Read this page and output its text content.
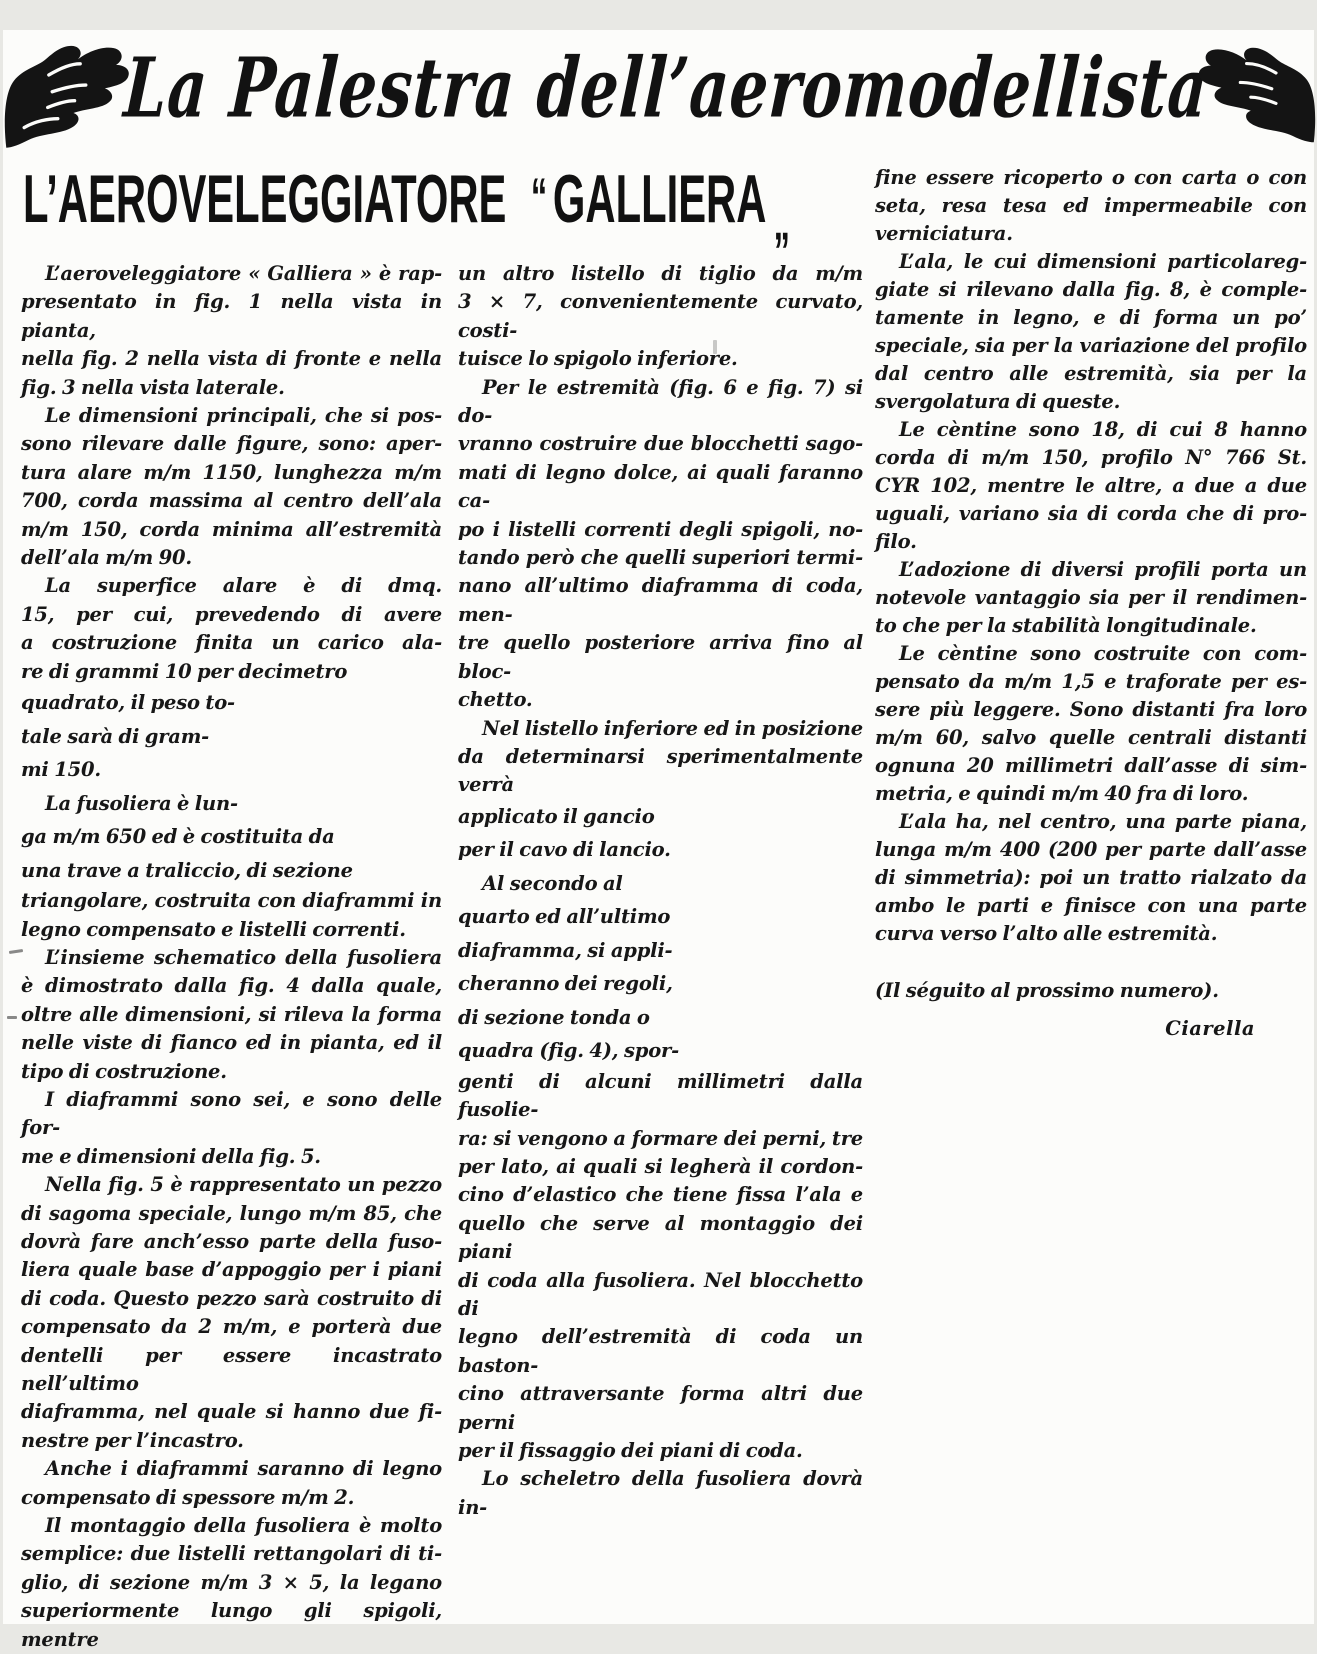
La Palestra dell’aeromodellista
L’AEROVELEGGIATORE “ GALLIERA $_„$
L’aeroveleggiatore « Galliera » è rap-
presentato in fig. 1 nella vista in pianta,
nella fig. 2 nella vista di fronte e nella
fig. 3 nella vista laterale.
Le dimensioni principali, che si pos-
sono rilevare dalle figure, sono: aper-
tura alare m/m 1150, lunghezza m/m
700, corda massima al centro dell’ala
m/m 150, corda minima all’estremità
dell’ala m/m 90.
La superfice alare è di dmq.
15, per cui, prevedendo di avere
a costruzione finita un carico ala-
re di grammi 10 per decimetro
quadrato, il peso to-
tale sarà di gram-
mi 150.
La fusoliera è lun-
ga m/m 650 ed è costituita da
una trave a traliccio, di sezione
triangolare, costruita con diaframmi in
legno compensato e listelli correnti.
L’insieme schematico della fusoliera
è dimostrato dalla fig. 4 dalla quale,
oltre alle dimensioni, si rileva la forma
nelle viste di fianco ed in pianta, ed il
tipo di costruzione.
I diaframmi sono sei, e sono delle for-
me e dimensioni della fig. 5.
Nella fig. 5 è rappresentato un pezzo
di sagoma speciale, lungo m/m 85, che
dovrà fare anch’esso parte della fuso-
liera quale base d’appoggio per i piani
di coda. Questo pezzo sarà costruito di
compensato da 2 m/m, e porterà due
dentelli per essere incastrato nell’ultimo
diaframma, nel quale si hanno due fi-
nestre per l’incastro.
Anche i diaframmi saranno di legno
compensato di spessore m/m 2.
Il montaggio della fusoliera è molto
semplice: due listelli rettangolari di ti-
glio, di sezione m/m 3 × 5, la legano
superiormente lungo gli spigoli, mentre
un altro listello di tiglio da m/m
3 × 7, convenientemente curvato, costi-
tuisce lo spigolo inferiore.
Per le estremità (fig. 6 e fig. 7) si do-
vranno costruire due blocchetti sago-
mati di legno dolce, ai quali faranno ca-
po i listelli correnti degli spigoli, no-
tando però che quelli superiori termi-
nano all’ultimo diaframma di coda, men-
tre quello posteriore arriva fino al bloc-
chetto.
Nel listello inferiore ed in posizione
da determinarsi sperimentalmente verrà
applicato il gancio
per il cavo di lancio.
Al secondo al
quarto ed all’ultimo
diaframma, si appli-
cheranno dei regoli,
di sezione tonda o
quadra (fig. 4), spor-
genti di alcuni millimetri dalla fusolie-
ra: si vengono a formare dei perni, tre
per lato, ai quali si legherà il cordon-
cino d’elastico che tiene fissa l’ala e
quello che serve al montaggio dei piani
di coda alla fusoliera. Nel blocchetto di
legno dell’estremità di coda un baston-
cino attraversante forma altri due perni
per il fissaggio dei piani di coda.
Lo scheletro della fusoliera dovrà in-
fine essere ricoperto o con carta o con
seta, resa tesa ed impermeabile con
verniciatura.
L’ala, le cui dimensioni particolareg-
giate si rilevano dalla fig. 8, è comple-
tamente in legno, e di forma un po’
speciale, sia per la variazione del profilo
dal centro alle estremità, sia per la
svergolatura di queste.
Le cèntine sono 18, di cui 8 hanno
corda di m/m 150, profilo N° 766 St.
CYR 102, mentre le altre, a due a due
uguali, variano sia di corda che di pro-
filo.
L’adozione di diversi profili porta un
notevole vantaggio sia per il rendimen-
to che per la stabilità longitudinale.
Le cèntine sono costruite con com-
pensato da m/m 1,5 e traforate per es-
sere più leggere. Sono distanti fra loro
m/m 60, salvo quelle centrali distanti
ognuna 20 millimetri dall’asse di sim-
metria, e quindi m/m 40 fra di loro.
L’ala ha, nel centro, una parte piana,
lunga m/m 400 (200 per parte dall’asse
di simmetria): poi un tratto rialzato da
ambo le parti e finisce con una parte
curva verso l’alto alle estremità.
(Il séguito al prossimo numero).
Ciarella
